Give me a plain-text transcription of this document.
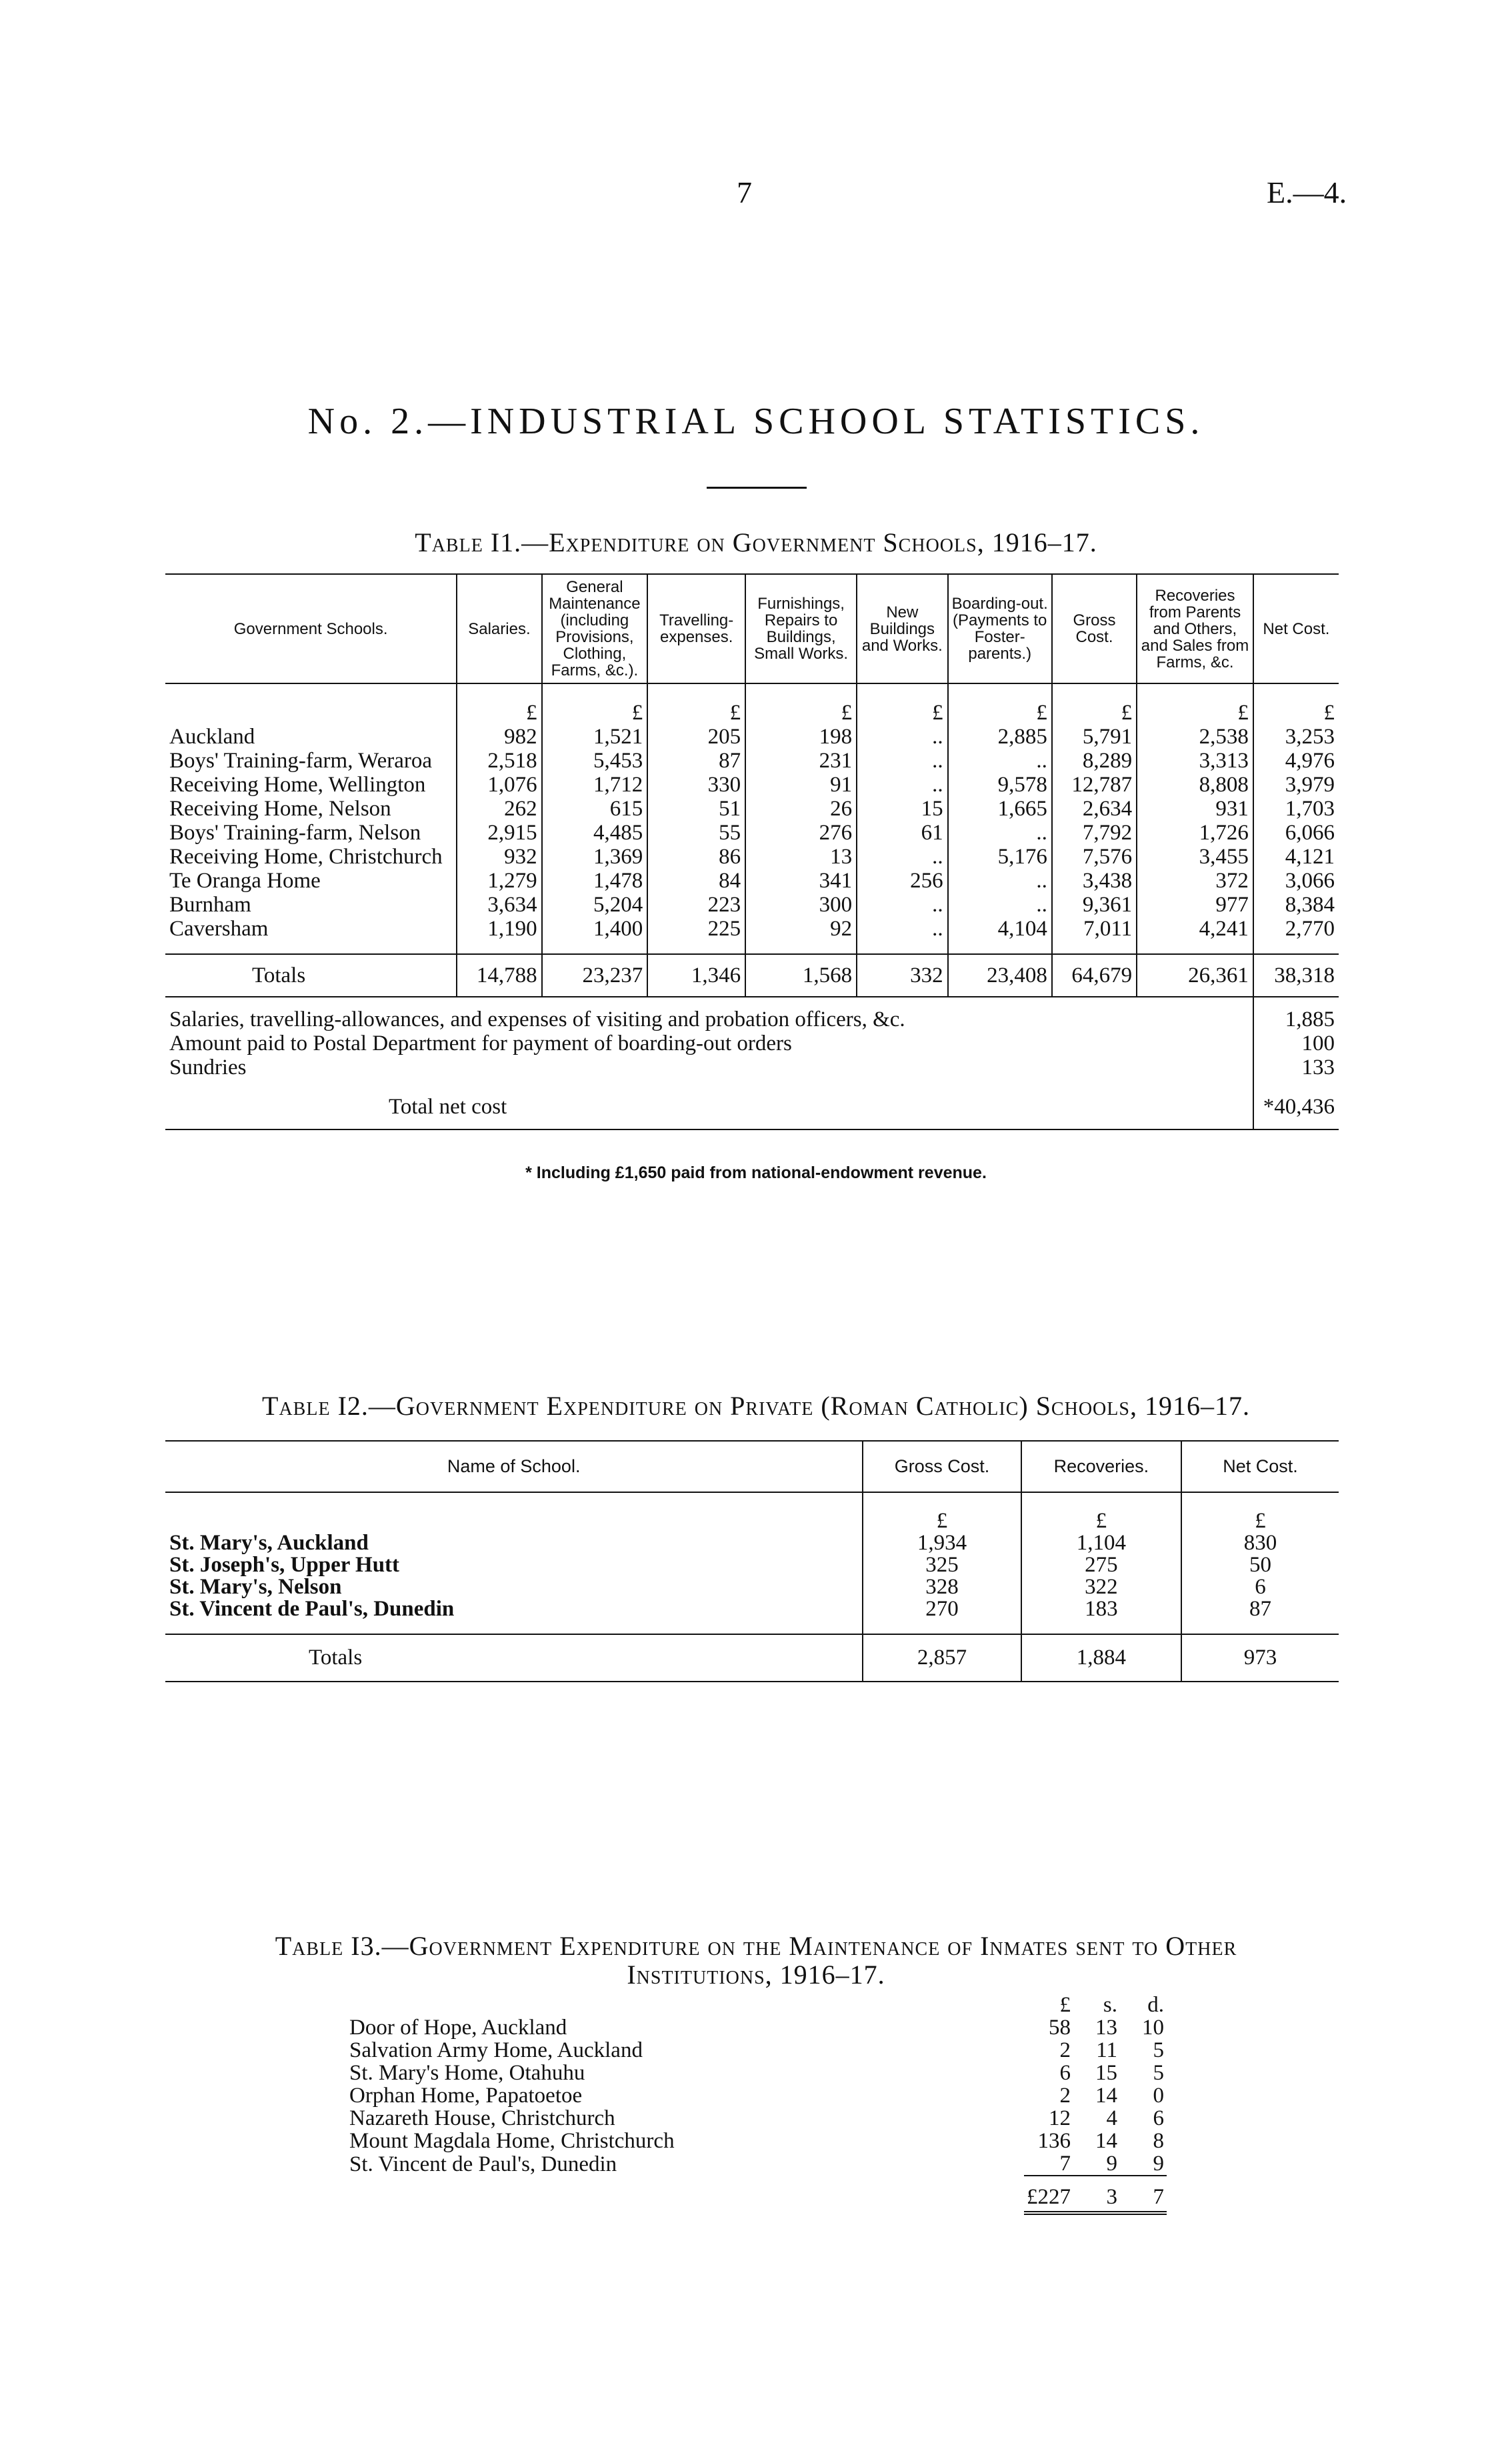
7	E.—4.
No. 2.—INDUSTRIAL SCHOOL STATISTICS.
Table I1.—Expenditure on Government Schools, 1916–17.
Government Schools.	Salaries.	General Maintenance (including Provisions, Clothing, Farms, &c.).	Travelling-expenses.	Furnishings, Repairs to Buildings, Small Works.	New Buildings and Works.	Boarding-out. (Payments to Foster-parents.)	Gross Cost.	Recoveries from Parents and Others, and Sales from Farms, &c.	Net Cost.
	£	£	£	£	£	£	£	£	£
Auckland	982	1,521	205	198	..	2,885	5,791	2,538	3,253
Boys' Training-farm, Weraroa	2,518	5,453	87	231	..	..	8,289	3,313	4,976
Receiving Home, Wellington	1,076	1,712	330	91	..	9,578	12,787	8,808	3,979
Receiving Home, Nelson	262	615	51	26	15	1,665	2,634	931	1,703
Boys' Training-farm, Nelson	2,915	4,485	55	276	61	..	7,792	1,726	6,066
Receiving Home, Christchurch	932	1,369	86	13	..	5,176	7,576	3,455	4,121
Te Oranga Home	1,279	1,478	84	341	256	..	3,438	372	3,066
Burnham	3,634	5,204	223	300	..	..	9,361	977	8,384
Caversham	1,190	1,400	225	92	..	4,104	7,011	4,241	2,770
Totals	14,788	23,237	1,346	1,568	332	23,408	64,679	26,361	38,318
Salaries, travelling-allowances, and expenses of visiting and probation officers, &c.									1,885
Amount paid to Postal Department for payment of boarding-out orders									100
Sundries									133
Total net cost									*40,436
* Including £1,650 paid from national-endowment revenue.
Table I2.—Government Expenditure on Private (Roman Catholic) Schools, 1916–17.
Name of School.	Gross Cost.	Recoveries.	Net Cost.
	£	£	£
St. Mary's, Auckland	1,934	1,104	830
St. Joseph's, Upper Hutt	325	275	50
St. Mary's, Nelson	328	322	6
St. Vincent de Paul's, Dunedin	270	183	87
Totals	2,857	1,884	973
Table I3.—Government Expenditure on the Maintenance of Inmates sent to Other
Institutions, 1916–17.
	£	s.	d.
Door of Hope, Auckland	58	13	10
Salvation Army Home, Auckland	2	11	5
St. Mary's Home, Otahuhu	6	15	5
Orphan Home, Papatoetoe	2	14	0
Nazareth House, Christchurch	12	4	6
Mount Magdala Home, Christchurch	136	14	8
St. Vincent de Paul's, Dunedin	7	9	9
	£227	3	7
